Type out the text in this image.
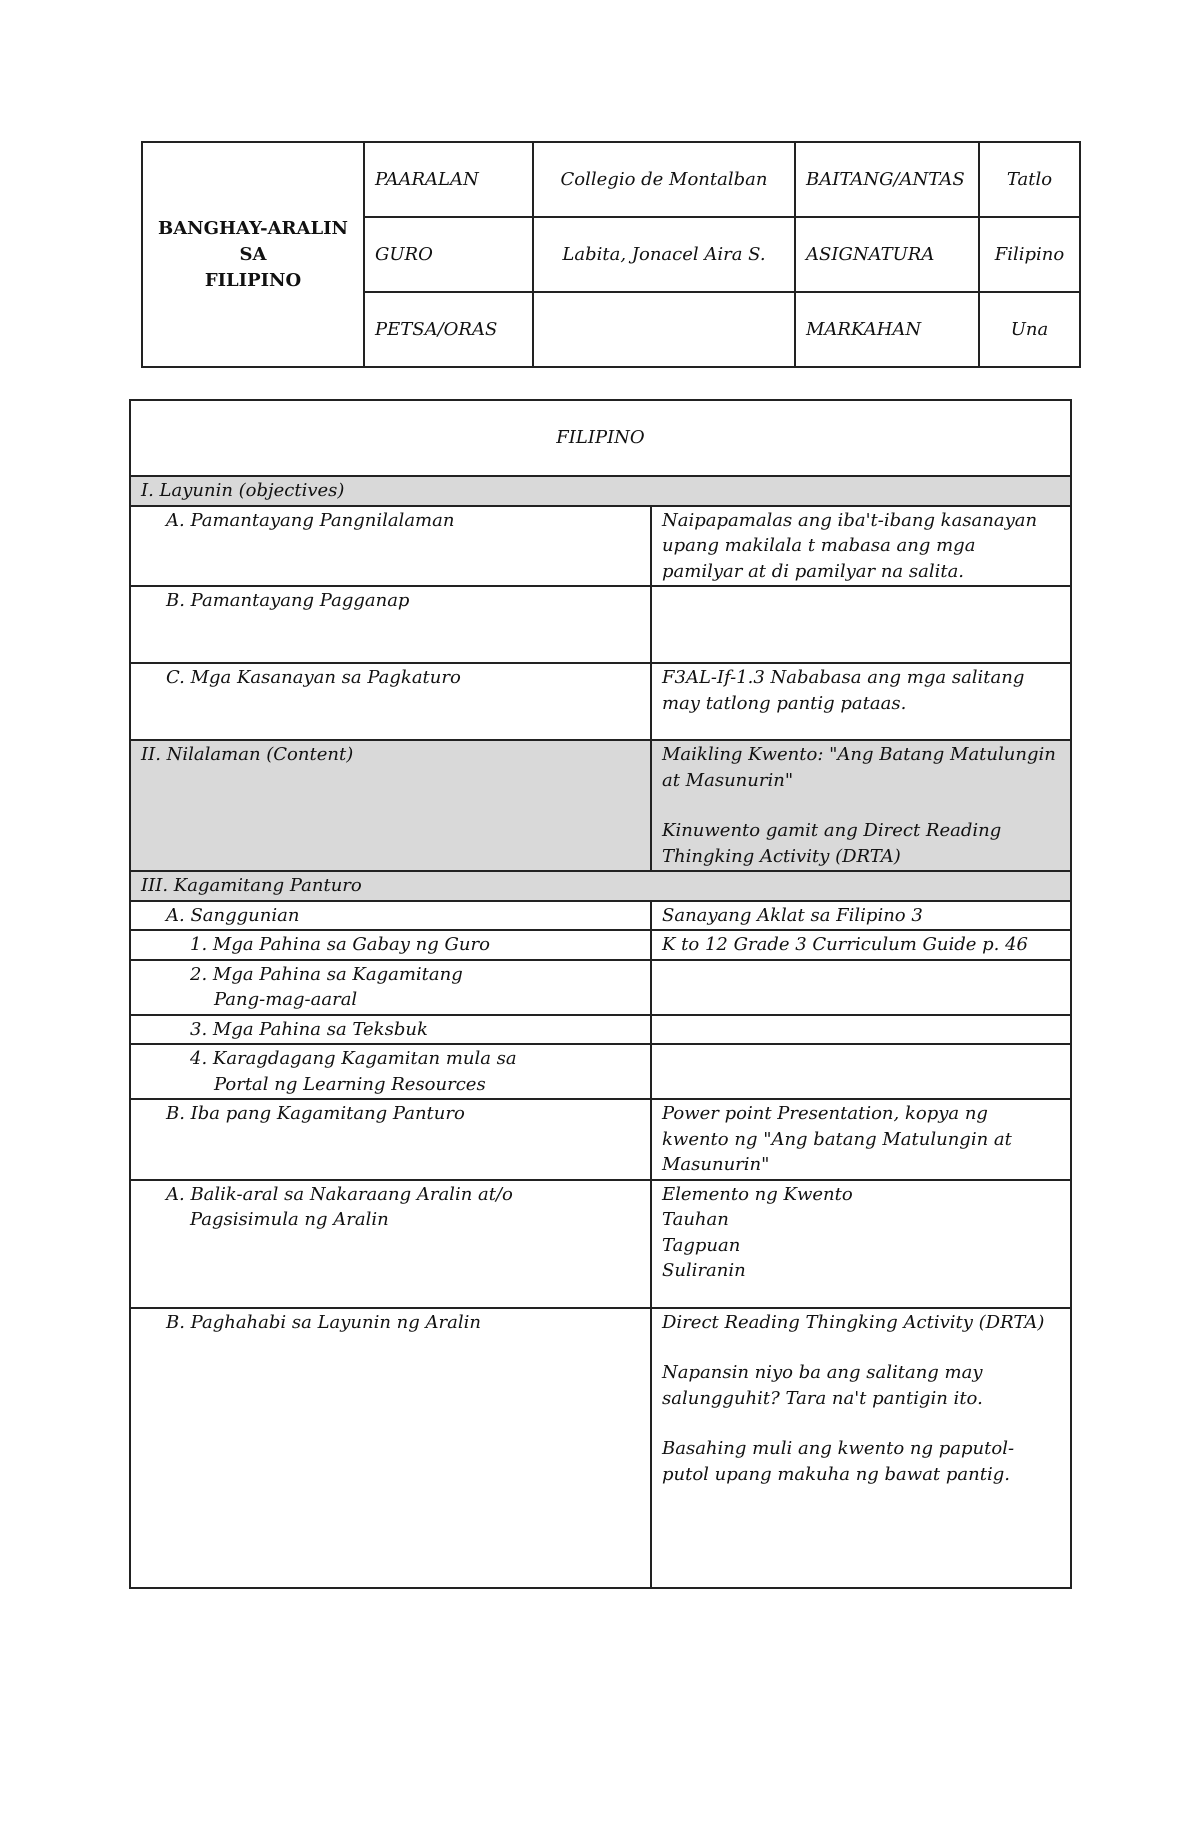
BANGHAY-ARALIN
SA
FILIPINO	PAARALAN	Collegio de Montalban	BAITANG/ANTAS	Tatlo
	GURO	Labita, Jonacel Aira S.	ASIGNATURA	Filipino
	PETSA/ORAS		MARKAHAN	Una
FILIPINO	
I. Layunin (objectives)	
A. Pamantayang Pangnilalaman	Naipapamalas ang iba't-ibang kasanayan upang makilala t mabasa ang mga pamilyar at di pamilyar na salita.
B. Pamantayang Pagganap	
C. Mga Kasanayan sa Pagkaturo	F3AL-If-1.3 Nababasa ang mga salitang may tatlong pantig pataas.
II. Nilalaman (Content)	Maikling Kwento: "Ang Batang Matulungin at Masunurin"
Kinuwento gamit ang Direct Reading Thingking Activity (DRTA)

III. Kagamitang Panturo	
A. Sanggunian	Sanayang Aklat sa Filipino 3
1. Mga Pahina sa Gabay ng Guro	K to 12 Grade 3 Curriculum Guide p. 46

2. Mga Pahina sa Kagamitang
Pang-mag-aaral	

3. Mga Pahina sa Teksbuk	

4. Karagdagang Kagamitan mula sa
Portal ng Learning Resources	

B. Iba pang Kagamitang Panturo	Power point Presentation, kopya ng kwento ng "Ang batang Matulungin at Masunurin"

A. Balik-aral sa Nakaraang Aralin at/o
Pagsisimula ng Aralin	Elemento ng Kwento
Tauhan
Tagpuan
Suliranin

B. Paghahabi sa Layunin ng Aralin	Direct Reading Thingking Activity (DRTA)
Napansin niyo ba ang salitang may salungguhit? Tara na't pantigin ito.
Basahing muli ang kwento ng paputol-putol upang makuha ng bawat pantig.
